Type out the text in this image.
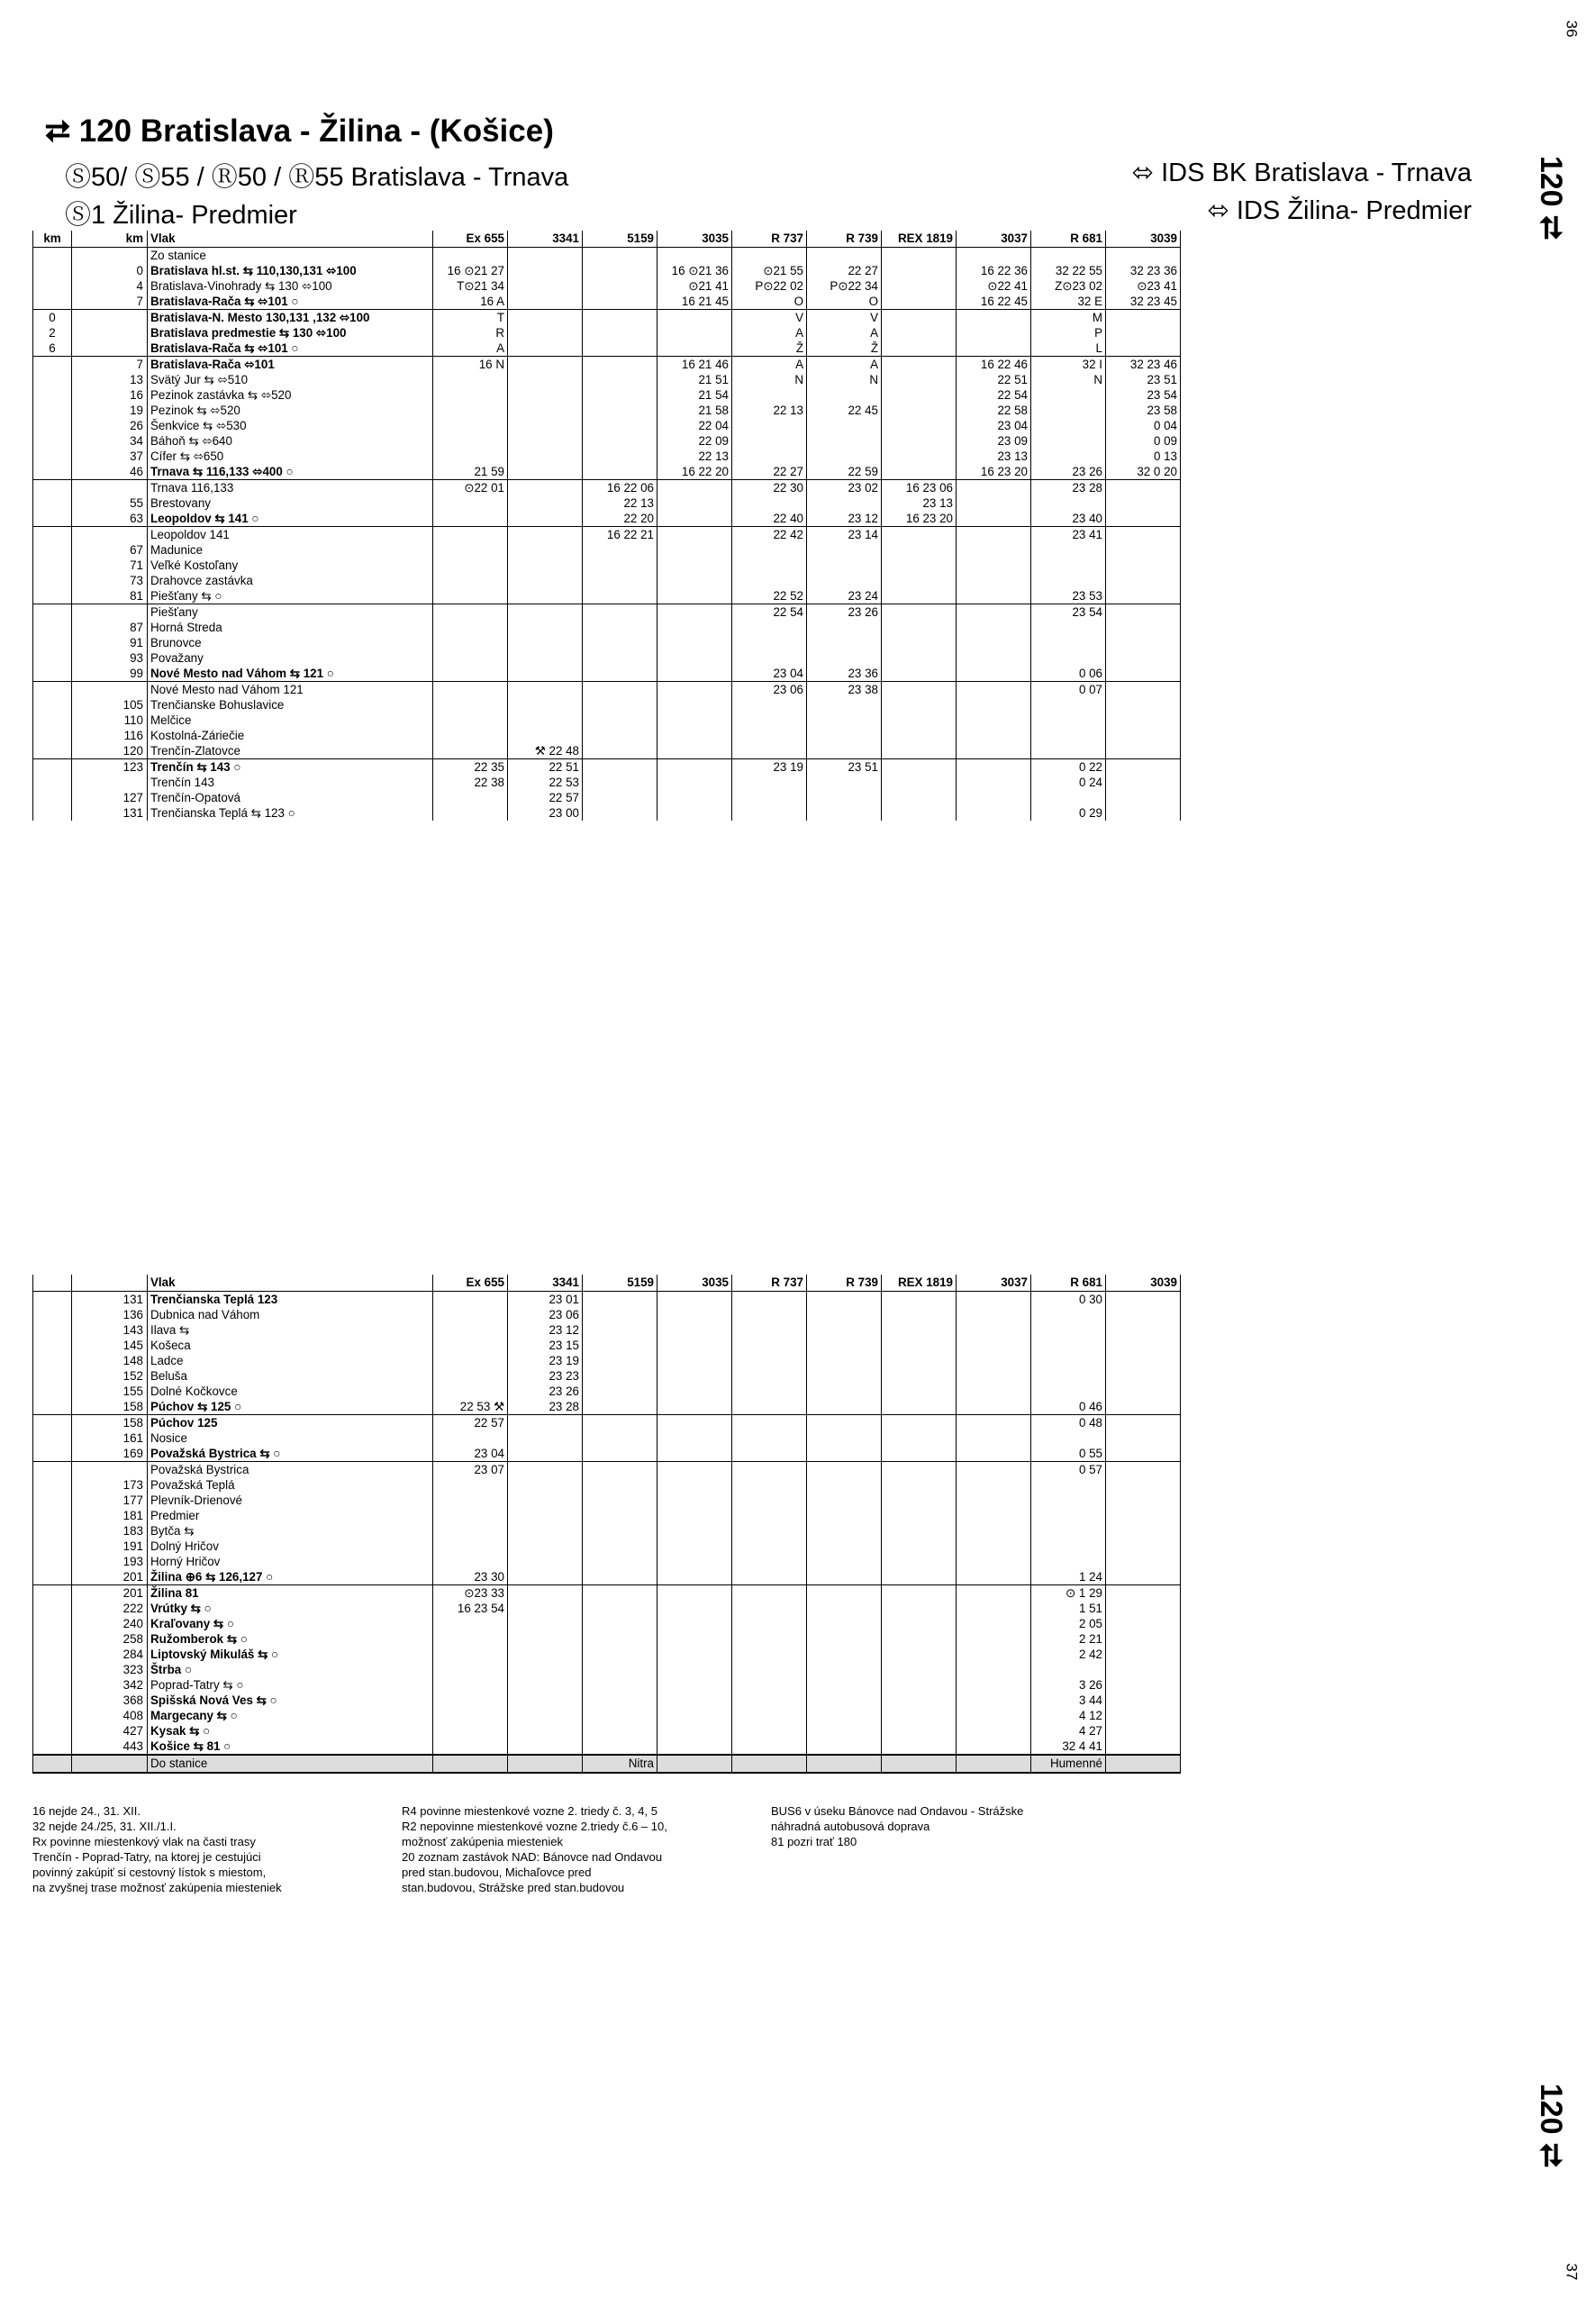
36
37
120 ⮂
120 ⮂
⮂ 120 Bratislava - Žilina - (Košice)
Ⓢ50/ Ⓢ55 / Ⓡ50 / Ⓡ55 Bratislava - Trnava
Ⓢ1 Žilina- Predmier
⬄ IDS BK Bratislava - Trnava
⬄ IDS Žilina- Predmier
km	km	Vlak	Ex 655	3341	5159	3035	R 737	R 739	REX 1819	3037	R 681	3039
		Zo stanice										
	0	Bratislava hl.st. ⇆ 110,130,131 ⬄100	16 ⊙21 27			16 ⊙21 36	⊙21 55	22 27		16 22 36	32 22 55	32 23 36
	4	Bratislava-Vinohrady ⇆ 130 ⬄100	T⊙21 34			⊙21 41	P⊙22 02	P⊙22 34		⊙22 41	Z⊙23 02	⊙23 41
	7	Bratislava-Rača ⇆ ⬄101 ○	16 A			16 21 45	O	O		16 22 45	32 E	32 23 45
0		Bratislava-N. Mesto 130,131 ,132 ⬄100	T				V	V			M	
2		Bratislava predmestie ⇆ 130 ⬄100	R				A	A			P	
6		Bratislava-Rača ⇆ ⬄101 ○	A				Ž	Ž			L	
	7	Bratislava-Rača ⬄101	16 N			16 21 46	A	A		16 22 46	32 I	32 23 46
	13	Svätý Jur ⇆ ⬄510				21 51	N	N		22 51	N	23 51
	16	Pezinok zastávka ⇆ ⬄520				21 54				22 54		23 54
	19	Pezinok ⇆ ⬄520				21 58	22 13	22 45		22 58		23 58
	26	Šenkvice ⇆ ⬄530				22 04				23 04		0 04
	34	Báhoň ⇆ ⬄640				22 09				23 09		0 09
	37	Cífer ⇆ ⬄650				22 13				23 13		0 13
	46	Trnava ⇆ 116,133 ⬄400 ○	21 59			16 22 20	22 27	22 59		16 23 20	23 26	32 0 20
		Trnava 116,133	⊙22 01		16 22 06		22 30	23 02	16 23 06		23 28	
	55	Brestovany			22 13				23 13			
	63	Leopoldov ⇆ 141 ○			22 20		22 40	23 12	16 23 20		23 40	
		Leopoldov 141			16 22 21		22 42	23 14			23 41	
	67	Madunice										
	71	Veľké Kostoľany										
	73	Drahovce zastávka										
	81	Piešťany ⇆ ○					22 52	23 24			23 53	
		Piešťany					22 54	23 26			23 54	
	87	Horná Streda										
	91	Brunovce										
	93	Považany										
	99	Nové Mesto nad Váhom ⇆ 121 ○					23 04	23 36			0 06	
		Nové Mesto nad Váhom 121					23 06	23 38			0 07	
	105	Trenčianske Bohuslavice										
	110	Melčice										
	116	Kostolná-Záriečie										
	120	Trenčín-Zlatovce		⚒ 22 48								
	123	Trenčín ⇆ 143 ○	22 35	22 51			23 19	23 51			0 22	
		Trenčín 143	22 38	22 53							0 24	
	127	Trenčín-Opatová		22 57								
	131	Trenčianska Teplá ⇆ 123 ○		23 00							0 29	
		Vlak	Ex 655	3341	5159	3035	R 737	R 739	REX 1819	3037	R 681	3039
	131	Trenčianska Teplá 123		23 01							0 30	
	136	Dubnica nad Váhom		23 06								
	143	Ilava ⇆		23 12								
	145	Košeca		23 15								
	148	Ladce		23 19								
	152	Beluša		23 23								
	155	Dolné Kočkovce		23 26								
	158	Púchov ⇆ 125 ○	22 53 ⚒	23 28							0 46	
	158	Púchov 125	22 57								0 48	
	161	Nosice										
	169	Považská Bystrica ⇆ ○	23 04								0 55	
		Považská Bystrica	23 07								0 57	
	173	Považská Teplá										
	177	Plevník-Drienové										
	181	Predmier										
	183	Bytča ⇆										
	191	Dolný Hričov										
	193	Horný Hričov										
	201	Žilina ⊕6 ⇆ 126,127 ○	23 30								1 24	
	201	Žilina 81	⊙23 33								⊙ 1 29	
	222	Vrútky ⇆ ○	16 23 54								1 51	
	240	Kraľovany ⇆ ○									2 05	
	258	Ružomberok ⇆ ○									2 21	
	284	Liptovský Mikuláš ⇆ ○									2 42	
	323	Štrba ○										
	342	Poprad-Tatry ⇆ ○									3 26	
	368	Spišská Nová Ves ⇆ ○									3 44	
	408	Margecany ⇆ ○									4 12	
	427	Kysak ⇆ ○									4 27	
	443	Košice ⇆ 81 ○									32 4 41	
		Do stanice			Nitra						Humenné	
16 nejde 24., 31. XII.
32 nejde 24./25, 31. XII./1.I.
Rx povinne miestenkový vlak na časti trasy
Trenčín - Poprad-Tatry, na ktorej je cestujúci
povinný zakúpiť si cestovný lístok s miestom,
na zvyšnej trase možnosť zakúpenia miesteniek
R4 povinne miestenkové vozne 2. triedy č. 3, 4, 5
R2 nepovinne miestenkové vozne 2.triedy č.6 – 10,
možnosť zakúpenia miesteniek
20 zoznam zastávok NAD: Bánovce nad Ondavou
pred stan.budovou, Michaľovce pred
stan.budovou, Strážske pred stan.budovou
BUS6 v úseku Bánovce nad Ondavou - Strážske
náhradná autobusová doprava
81 pozri trať 180
